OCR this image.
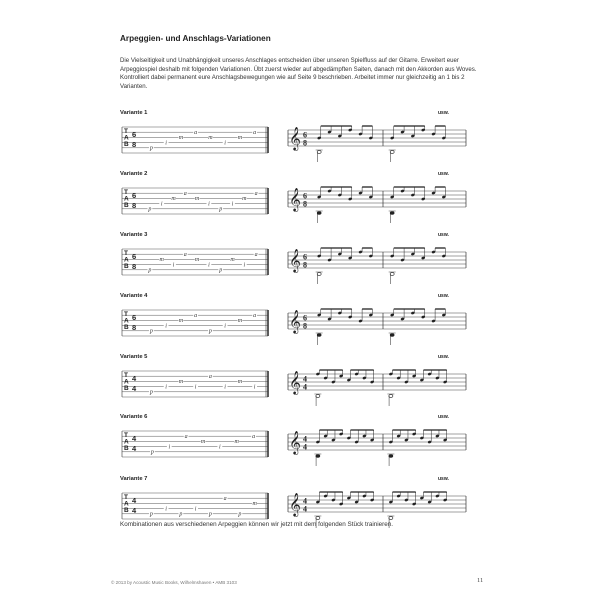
Arpeggien- und Anschlags-Variationen
Die Vielseitigkeit und Unabhängigkeit unseres Anschlages entscheiden über unseren Spielfluss auf der Gitarre. Erweitert euer Arpeggiospiel deshalb mit folgenden Variationen. Übt zuerst wieder auf abgedämpften Saiten, danach mit den Akkorden aus Woves. Kontrolliert dabei permanent eure Anschlagsbewegungen wie auf Seite 9 beschrieben. Arbeitet immer nur gleichzeitig an 1 bis 2 Varianten.
Variante 1
T
A
B
6
8 p
i
m
a
m
i
m
a 𝄞 6
8
usw.
Variante 2
T
A
B
6
8 p
i
m
a
m
i
p
i
m
a 𝄞 6
8
usw.
Variante 3
T
A
B
6
8 p
m
i
a
m
i
p
m
i
a 𝄞 6
8
usw.
Variante 4
T
A
B
6
8 p
i
m
a
p
i
m
a 𝄞 6
8
usw.
Variante 5
T
A
B
4
4 p
i
m
i
a
i
m
i 𝄞 4
4
usw.
Variante 6
T
A
B
4
4 p
i
a
m
i
m
a 𝄞 4
4
usw.
Variante 7
T
A
B
4
4 p
i
p
i
p
a
p
m 𝄞 4
4
usw.
Kombinationen aus verschiedenen Arpeggien können wir jetzt mit dem folgenden Stück trainieren.
© 2013 by Acoustic Music Books, Wilhelmshaven • AMB 3103	11
